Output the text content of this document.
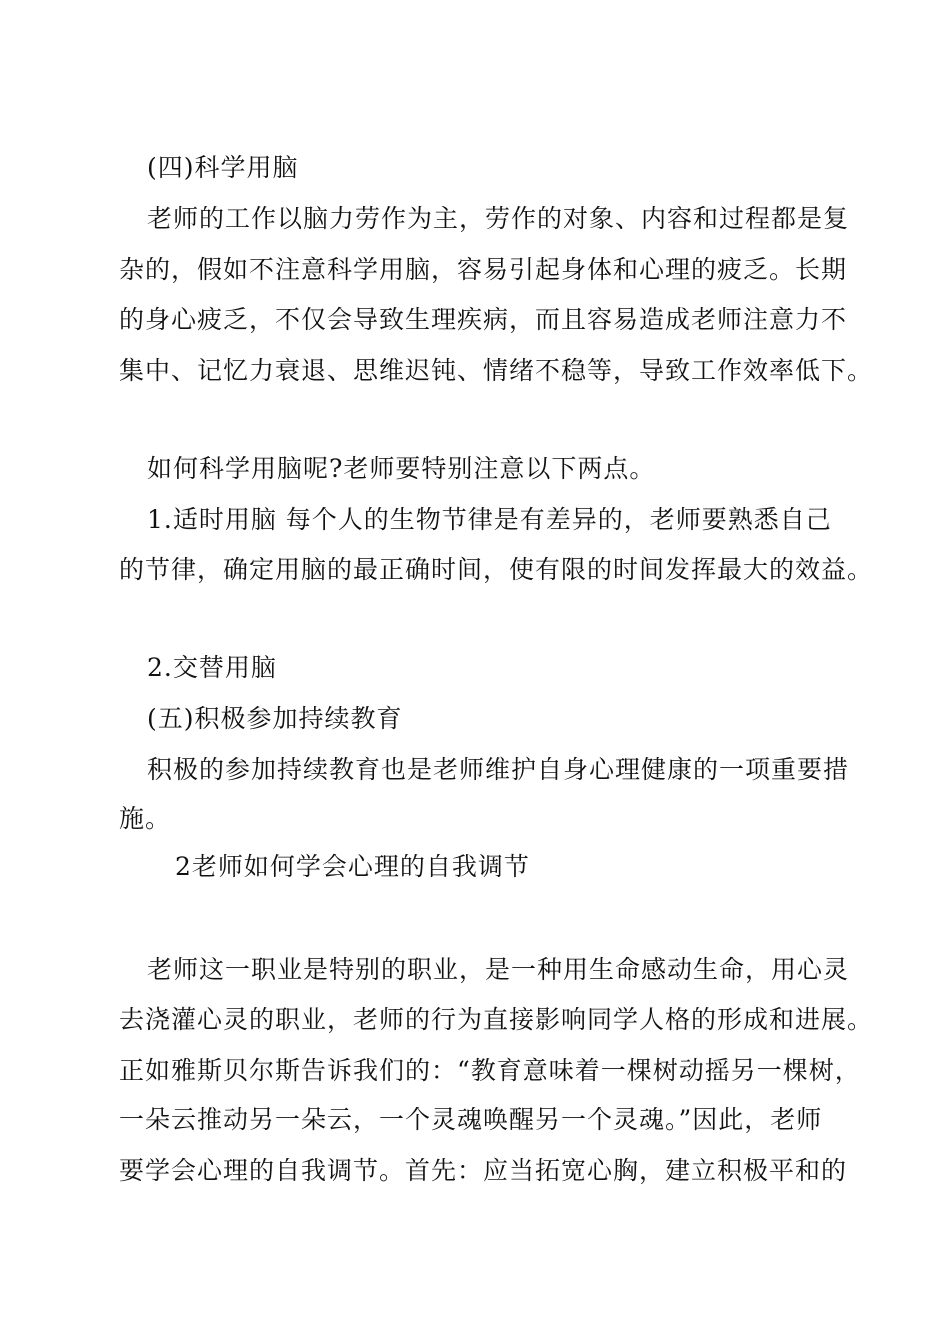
(四)科学用脑
老师的工作以脑力劳作为主，劳作的对象、内容和过程都是复
杂的，假如不注意科学用脑，容易引起身体和心理的疲乏。长期
的身心疲乏，不仅会导致生理疾病，而且容易造成老师注意力不
集中、记忆力衰退、思维迟钝、情绪不稳等，导致工作效率低下。
如何科学用脑呢?老师要特别注意以下两点。
1.适时用脑 每个人的生物节律是有差异的，老师要熟悉自己
的节律，确定用脑的最正确时间，使有限的时间发挥最大的效益。
2.交替用脑
(五)积极参加持续教育
积极的参加持续教育也是老师维护自身心理健康的一项重要措
施。
2老师如何学会心理的自我调节
老师这一职业是特别的职业，是一种用生命感动生命，用心灵
去浇灌心灵的职业，老师的行为直接影响同学人格的形成和进展。
正如雅斯贝尔斯告诉我们的：“教育意味着一棵树动摇另一棵树，
一朵云推动另一朵云，一个灵魂唤醒另一个灵魂。”因此，老师
要学会心理的自我调节。首先：应当拓宽心胸，建立积极平和的
